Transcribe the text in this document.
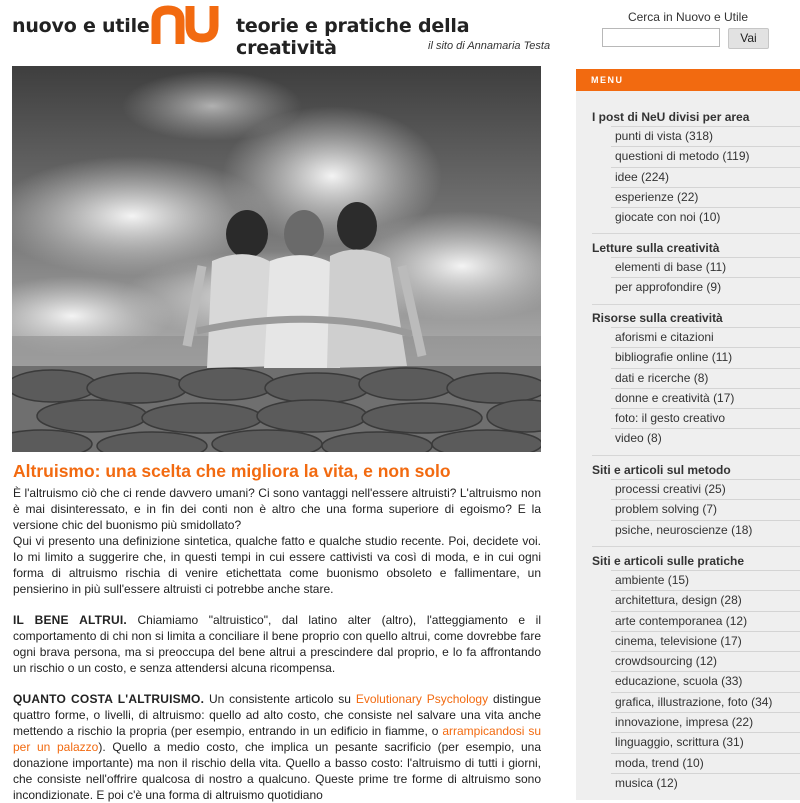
nuovo e utile	teorie e pratiche della creatività	il sito di Annamaria Testa
Cerca in Nuovo e Utile
Vai
Altruismo: una scelta che migliora la vita, e non solo

È l'altruismo ciò che ci rende davvero umani? Ci sono vantaggi nell'essere altruisti? L'altruismo non è mai disinteressato, e in fin dei conti non è altro che una forma superiore di egoismo? E la versione chic del buonismo più smidollato?

Qui vi presento una definizione sintetica, qualche fatto e qualche studio recente. Poi, decidete voi. Io mi limito a suggerire che, in questi tempi in cui essere cattivisti va così di moda, e in cui ogni forma di altruismo rischia di venire etichettata come buonismo obsoleto e fallimentare, un pensierino in più sull'essere altruisti ci potrebbe anche stare.

IL BENE ALTRUI. Chiamiamo "altruistico", dal latino alter (altro), l'atteggiamento e il comportamento di chi non si limita a conciliare il bene proprio con quello altrui, come dovrebbe fare ogni brava persona, ma si preoccupa del bene altrui a prescindere dal proprio, e lo fa affrontando un rischio o un costo, e senza attendersi alcuna ricompensa.

QUANTO COSTA L'ALTRUISMO. Un consistente articolo su Evolutionary Psychology distingue quattro forme, o livelli, di altruismo: quello ad alto costo, che consiste nel salvare una vita anche mettendo a rischio la propria (per esempio, entrando in un edificio in fiamme, o arrampicandosi su per un palazzo). Quello a medio costo, che implica un pesante sacrificio (per esempio, una donazione importante) ma non il rischio della vita. Quello a basso costo: l'altruismo di tutti i giorni, che consiste nell'offrire qualcosa di nostro a qualcuno. Queste prime tre forme di altruismo sono incondizionate. E poi c'è una forma di altruismo quotidiano

MENU
I post di NeU divisi per area
punti di vista (318)
questioni di metodo (119)
idee (224)
esperienze (22)
giocate con noi (10)
Letture sulla creatività
elementi di base (11)
per approfondire (9)
Risorse sulla creatività
aforismi e citazioni
bibliografie online (11)
dati e ricerche (8)
donne e creatività (17)
foto: il gesto creativo
video (8)
Siti e articoli sul metodo
processi creativi (25)
problem solving (7)
psiche, neuroscienze (18)
Siti e articoli sulle pratiche
ambiente (15)
architettura, design (28)
arte contemporanea (12)
cinema, televisione (17)
crowdsourcing (12)
educazione, scuola (33)
grafica, illustrazione, foto (34)
innovazione, impresa (22)
linguaggio, scrittura (31)
moda, trend (10)
musica (12)
